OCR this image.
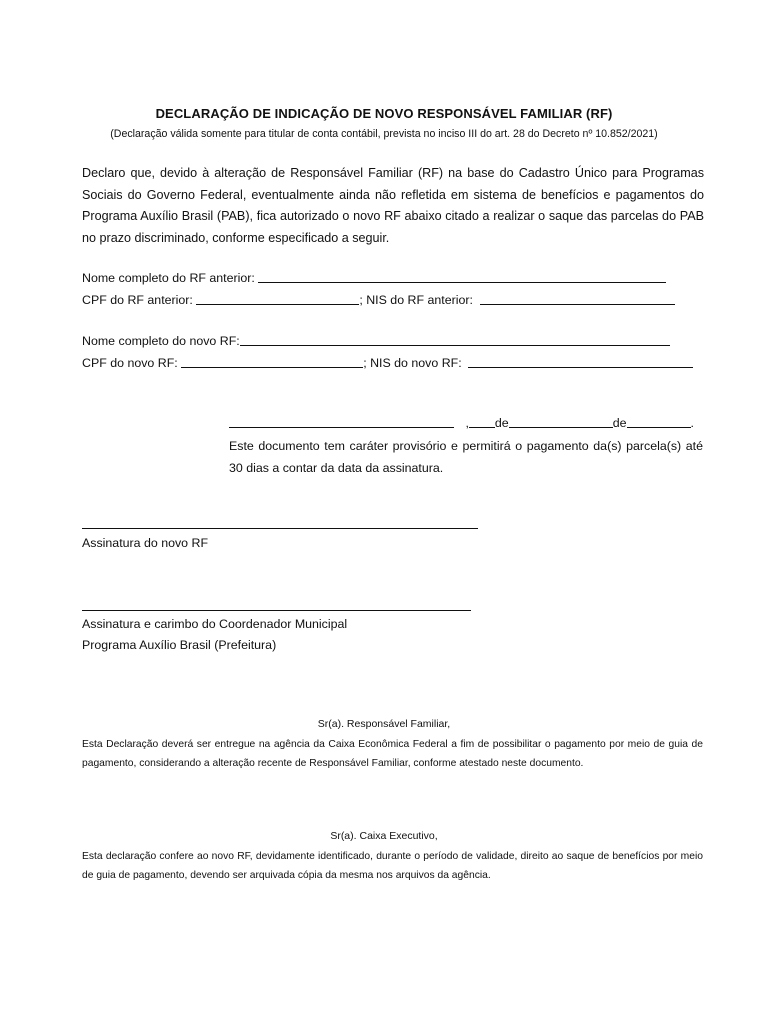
DECLARAÇÃO DE INDICAÇÃO DE NOVO RESPONSÁVEL FAMILIAR (RF)
(Declaração válida somente para titular de conta contábil, prevista no inciso III do art. 28 do Decreto nº 10.852/2021)
Declaro que, devido à alteração de Responsável Familiar (RF) na base do Cadastro Único para Programas Sociais do Governo Federal, eventualmente ainda não refletida em sistema de benefícios e pagamentos do Programa Auxílio Brasil (PAB), fica autorizado o novo RF abaixo citado a realizar o saque das parcelas do PAB no prazo discriminado, conforme especificado a seguir.
Nome completo do RF anterior:
CPF do RF anterior:	; NIS do RF anterior:
Nome completo do novo RF:
CPF do novo RF:	; NIS do novo RF:
, de	de	.
Este documento tem caráter provisório e permitirá o pagamento da(s) parcela(s) até 30 dias a contar da data da assinatura.
Assinatura do novo RF
Assinatura e carimbo do Coordenador Municipal
Programa Auxílio Brasil (Prefeitura)
Sr(a). Responsável Familiar,
Esta Declaração deverá ser entregue na agência da Caixa Econômica Federal a fim de possibilitar o pagamento por meio de guia de pagamento, considerando a alteração recente de Responsável Familiar, conforme atestado neste documento.
Sr(a). Caixa Executivo,
Esta declaração confere ao novo RF, devidamente identificado, durante o período de validade, direito ao saque de benefícios por meio de guia de pagamento, devendo ser arquivada cópia da mesma nos arquivos da agência.
